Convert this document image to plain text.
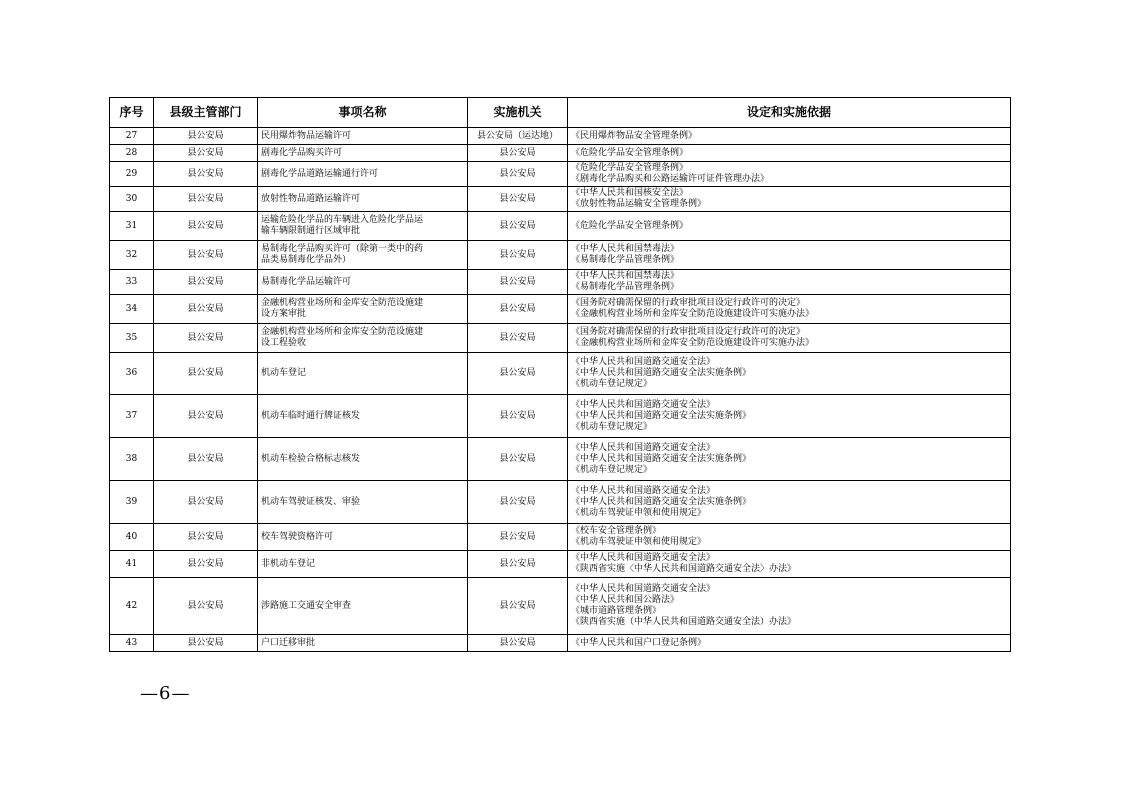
序号	县级主管部门	事项名称	实施机关	设定和实施依据
27	县公安局	民用爆炸物品运输许可	县公安局（运达地）	《民用爆炸物品安全管理条例》

28	县公安局	剧毒化学品购买许可	县公安局	《危险化学品安全管理条例》

29	县公安局	剧毒化学品道路运输通行许可	县公安局	《危险化学品安全管理条例》
《剧毒化学品购买和公路运输许可证件管理办法》

30	县公安局	放射性物品道路运输许可	县公安局	《中华人民共和国核安全法》
《放射性物品运输安全管理条例》

31	县公安局	运输危险化学品的车辆进入危险化学品运
输车辆限制通行区域审批	县公安局	《危险化学品安全管理条例》

32	县公安局	易制毒化学品购买许可（除第一类中的药
品类易制毒化学品外）	县公安局	《中华人民共和国禁毒法》
《易制毒化学品管理条例》

33	县公安局	易制毒化学品运输许可	县公安局	《中华人民共和国禁毒法》
《易制毒化学品管理条例》

34	县公安局	金融机构营业场所和金库安全防范设施建
设方案审批	县公安局	《国务院对确需保留的行政审批项目设定行政许可的决定》
《金融机构营业场所和金库安全防范设施建设许可实施办法》

35	县公安局	金融机构营业场所和金库安全防范设施建
设工程验收	县公安局	《国务院对确需保留的行政审批项目设定行政许可的决定》
《金融机构营业场所和金库安全防范设施建设许可实施办法》

36	县公安局	机动车登记	县公安局	《中华人民共和国道路交通安全法》
《中华人民共和国道路交通安全法实施条例》
《机动车登记规定》

37	县公安局	机动车临时通行牌证核发	县公安局	《中华人民共和国道路交通安全法》
《中华人民共和国道路交通安全法实施条例》
《机动车登记规定》

38	县公安局	机动车检验合格标志核发	县公安局	《中华人民共和国道路交通安全法》
《中华人民共和国道路交通安全法实施条例》
《机动车登记规定》

39	县公安局	机动车驾驶证核发、审验	县公安局	《中华人民共和国道路交通安全法》
《中华人民共和国道路交通安全法实施条例》
《机动车驾驶证申领和使用规定》

40	县公安局	校车驾驶资格许可	县公安局	《校车安全管理条例》
《机动车驾驶证申领和使用规定》

41	县公安局	非机动车登记	县公安局	《中华人民共和国道路交通安全法》
《陕西省实施〈中华人民共和国道路交通安全法〉办法》

42	县公安局	涉路施工交通安全审查	县公安局	《中华人民共和国道路交通安全法》
《中华人民共和国公路法》
《城市道路管理条例》
《陕西省实施（中华人民共和国道路交通安全法）办法》

43	县公安局	户口迁移审批	县公安局	《中华人民共和国户口登记条例》
—6—
